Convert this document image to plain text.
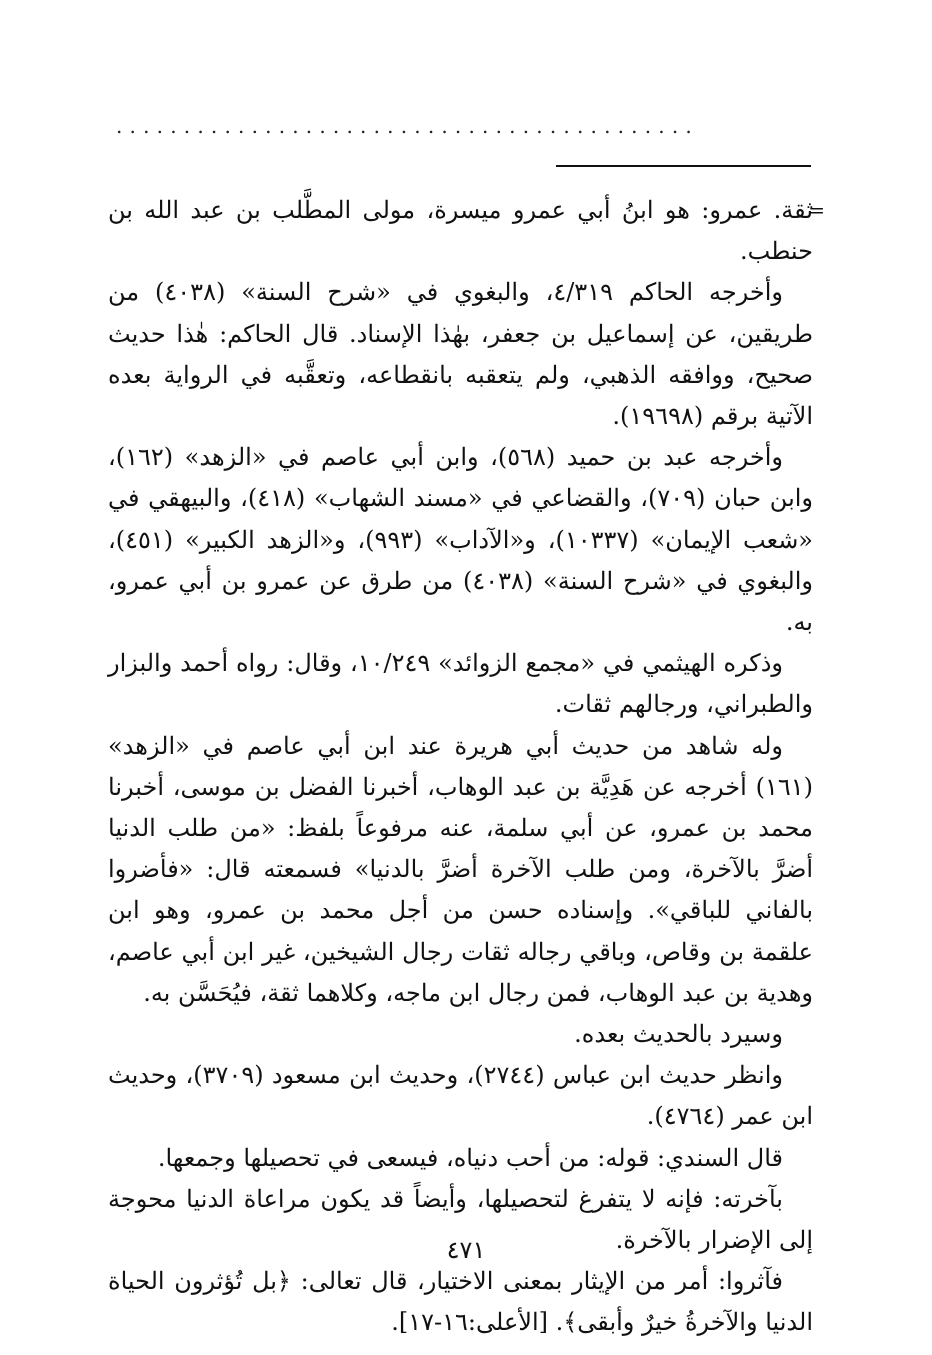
...........................................

=
ثقة. عمرو: هو ابنُ أبي عمرو ميسرة، مولى المطَّلب بن عبد الله بن حنطب.

وأخرجه الحاكم ٤/٣١٩، والبغوي في «شرح السنة» (٤٠٣٨) من طريقين، عن إسماعيل بن جعفر، بهٰذا الإسناد. قال الحاكم: هٰذا حديث صحيح، ووافقه الذهبي، ولم يتعقبه بانقطاعه، وتعقَّبه في الرواية بعده الآتية برقم (١٩٦٩٨).

وأخرجه عبد بن حميد (٥٦٨)، وابن أبي عاصم في «الزهد» (١٦٢)، وابن حبان (٧٠٩)، والقضاعي في «مسند الشهاب» (٤١٨)، والبيهقي في «شعب الإيمان» (١٠٣٣٧)، و«الآداب» (٩٩٣)، و«الزهد الكبير» (٤٥١)، والبغوي في «شرح السنة» (٤٠٣٨) من طرق عن عمرو بن أبي عمرو، به.

وذكره الهيثمي في «مجمع الزوائد» ١٠/٢٤٩، وقال: رواه أحمد والبزار والطبراني، ورجالهم ثقات.

وله شاهد من حديث أبي هريرة عند ابن أبي عاصم في «الزهد» (١٦١) أخرجه عن هَدِيَّة بن عبد الوهاب، أخبرنا الفضل بن موسى، أخبرنا محمد بن عمرو، عن أبي سلمة، عنه مرفوعاً بلفظ: «من طلب الدنيا أضرَّ بالآخرة، ومن طلب الآخرة أضرَّ بالدنيا» فسمعته قال: «فأضروا بالفاني للباقي». وإسناده حسن من أجل محمد بن عمرو، وهو ابن علقمة بن وقاص، وباقي رجاله ثقات رجال الشيخين، غير ابن أبي عاصم، وهدية بن عبد الوهاب، فمن رجال ابن ماجه، وكلاهما ثقة، فيُحَسَّن به.

وسيرد بالحديث بعده.

وانظر حديث ابن عباس (٢٧٤٤)، وحديث ابن مسعود (٣٧٠٩)، وحديث ابن عمر (٤٧٦٤).

قال السندي: قوله: من أحب دنياه، فيسعى في تحصيلها وجمعها.

بآخرته: فإنه لا يتفرغ لتحصيلها، وأيضاً قد يكون مراعاة الدنيا محوجة إلى الإضرار بالآخرة.

فآثروا: أمر من الإيثار بمعنى الاختيار، قال تعالى: ﴿بل تُؤثرون الحياة الدنيا والآخرةُ خيرٌ وأبقى﴾. [الأعلى:١٦-١٧].

٤٧١
